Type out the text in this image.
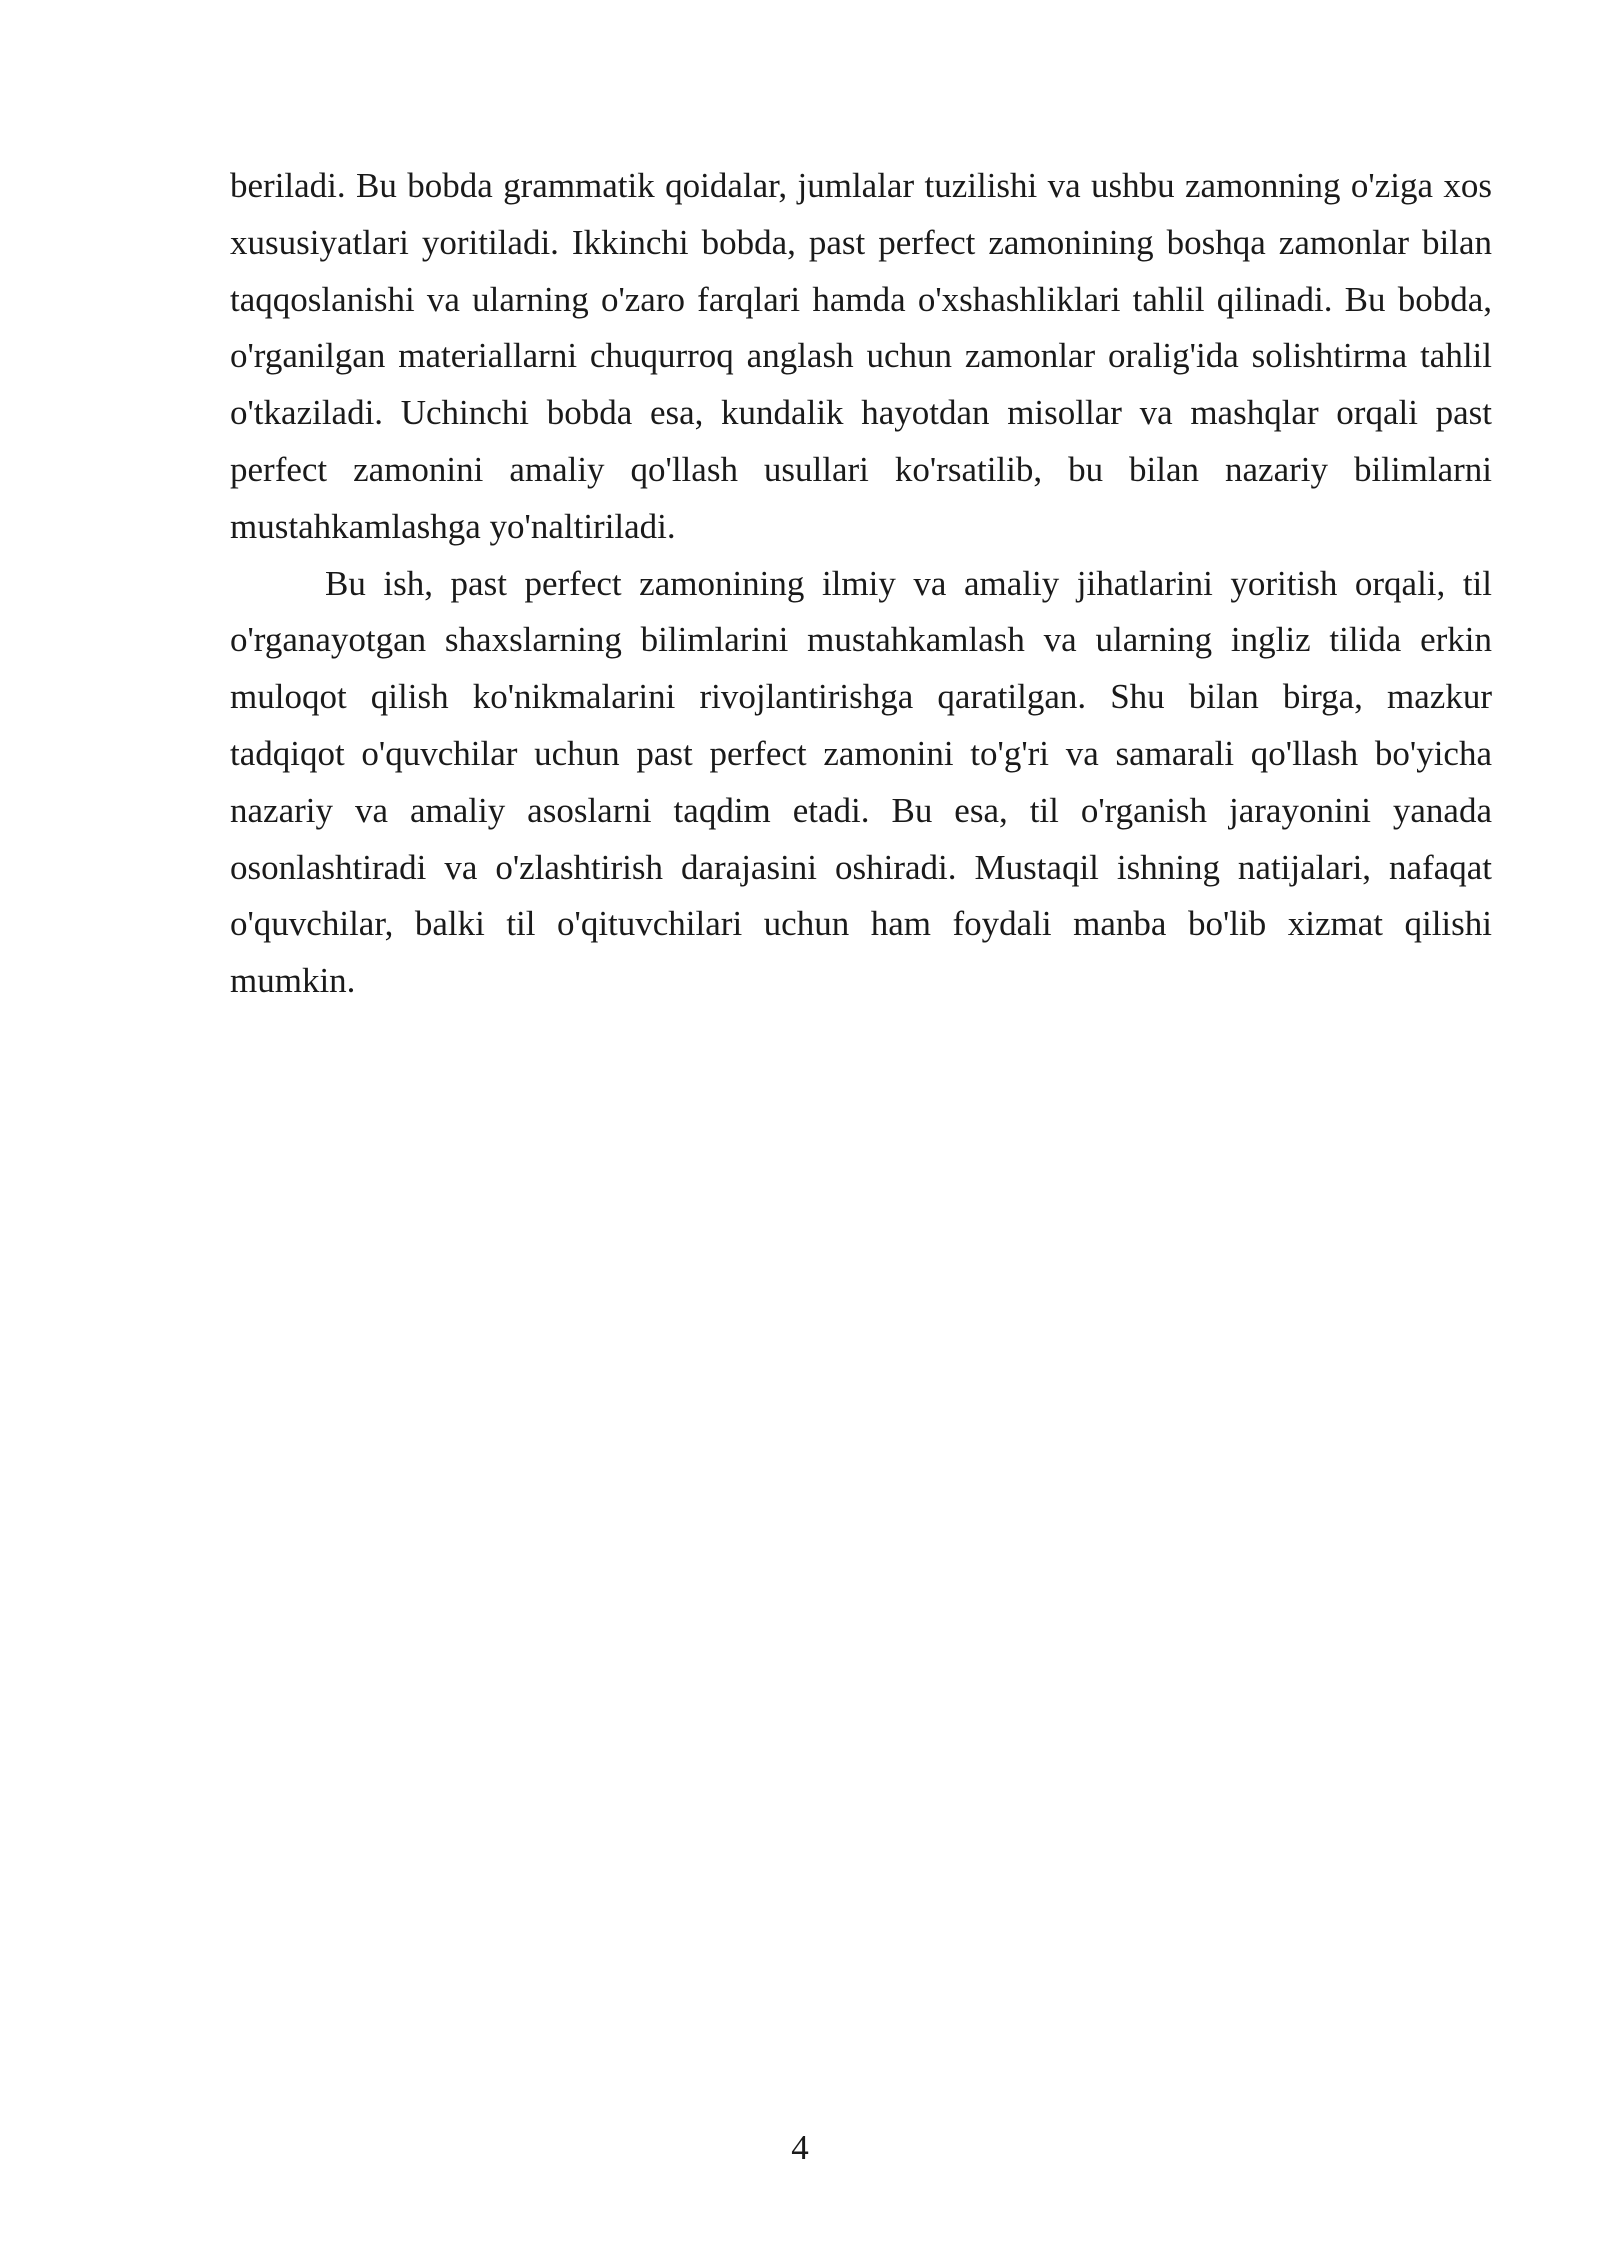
beriladi. Bu bobda grammatik qoidalar, jumlalar tuzilishi va ushbu zamonning o'ziga xos xususiyatlari yoritiladi. Ikkinchi bobda, past perfect zamonining boshqa zamonlar bilan taqqoslanishi va ularning o'zaro farqlari hamda o'xshashliklari tahlil qilinadi. Bu bobda, o'rganilgan materiallarni chuqurroq anglash uchun zamonlar oralig'ida solishtirma tahlil o'tkaziladi. Uchinchi bobda esa, kundalik hayotdan misollar va mashqlar orqali past perfect zamonini amaliy qo'llash usullari ko'rsatilib, bu bilan nazariy bilimlarni mustahkamlashga yo'naltiriladi.

Bu ish, past perfect zamonining ilmiy va amaliy jihatlarini yoritish orqali, til o'rganayotgan shaxslarning bilimlarini mustahkamlash va ularning ingliz tilida erkin muloqot qilish ko'nikmalarini rivojlantirishga qaratilgan. Shu bilan birga, mazkur tadqiqot o'quvchilar uchun past perfect zamonini to'g'ri va samarali qo'llash bo'yicha nazariy va amaliy asoslarni taqdim etadi. Bu esa, til o'rganish jarayonini yanada osonlashtiradi va o'zlashtirish darajasini oshiradi. Mustaqil ishning natijalari, nafaqat o'quvchilar, balki til o'qituvchilari uchun ham foydali manba bo'lib xizmat qilishi mumkin.

4
